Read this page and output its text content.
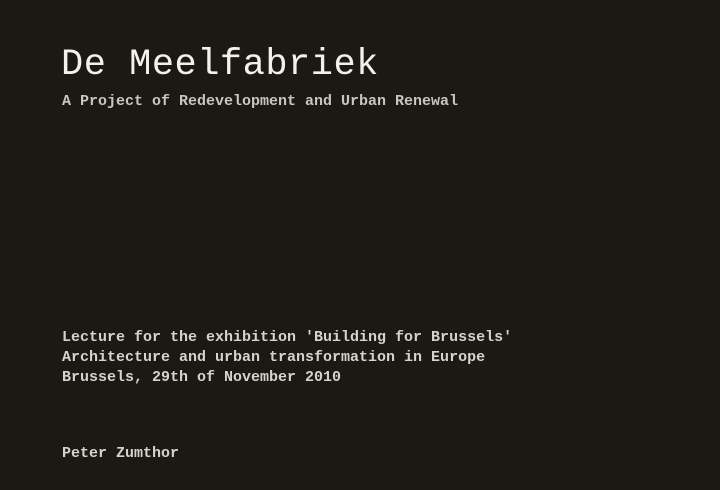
De Meelfabriek
A Project of Redevelopment and Urban Renewal
Lecture for the exhibition 'Building for Brussels'
Architecture and urban transformation in Europe
Brussels, 29th of November 2010
Peter Zumthor
